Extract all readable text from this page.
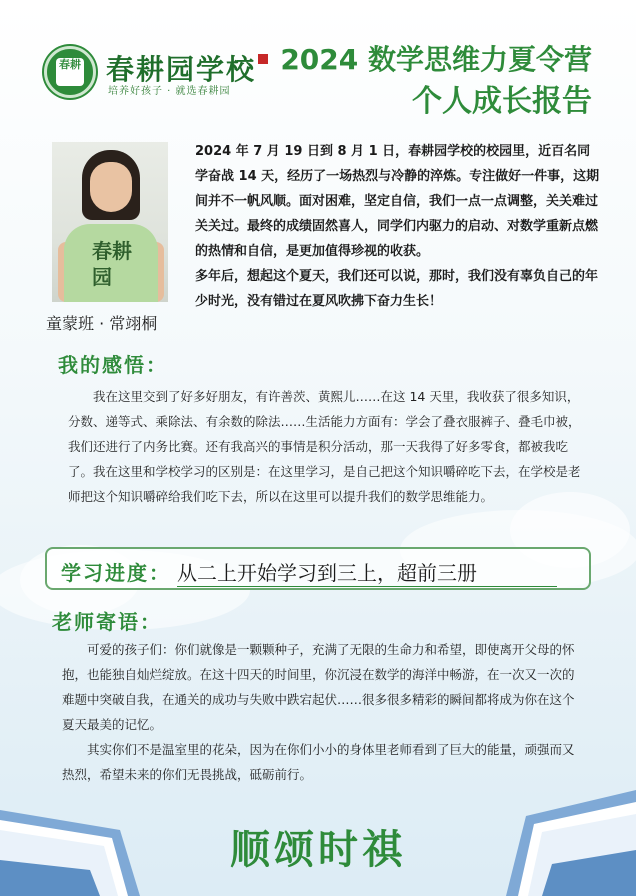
春耕 春耕园学校
培养好孩子 · 就选春耕园
2024 数学思维力夏令营
个人成长报告
春耕园
童蒙班 · 常翊桐

2024 年 7 月 19 日到 8 月 1 日，春耕园学校的校园里，近百名同学奋战 14 天，经历了一场热烈与冷静的淬炼。专注做好一件事，这期间并不一帆风顺。面对困难，坚定自信，我们一点一点调整，关关难过关关过。最终的成绩固然喜人，同学们内驱力的启动、对数学重新点燃的热情和自信，是更加值得珍视的收获。

多年后，想起这个夏天，我们还可以说，那时，我们没有辜负自己的年少时光，没有错过在夏风吹拂下奋力生长！

我的感悟：
我在这里交到了好多好朋友，有许善茨、黄熙儿……在这 14 天里，我收获了很多知识，分数、递等式、乘除法、有余数的除法……生活能力方面有：学会了叠衣服裤子、叠毛巾被，我们还进行了内务比赛。还有我高兴的事情是积分活动，那一天我得了好多零食，都被我吃了。我在这里和学校学习的区别是：在这里学习，是自己把这个知识嚼碎吃下去，在学校是老师把这个知识嚼碎给我们吃下去，所以在这里可以提升我们的数学思维能力。
学习进度： 从二上开始学习到三上，超前三册
老师寄语：

可爱的孩子们：你们就像是一颗颗种子，充满了无限的生命力和希望，即使离开父母的怀抱，也能独自灿烂绽放。在这十四天的时间里，你沉浸在数学的海洋中畅游，在一次又一次的难题中突破自我，在通关的成功与失败中跌宕起伏……很多很多精彩的瞬间都将成为你在这个夏天最美的记忆。

其实你们不是温室里的花朵，因为在你们小小的身体里老师看到了巨大的能量，顽强而又热烈，希望未来的你们无畏挑战，砥砺前行。

顺颂时祺
